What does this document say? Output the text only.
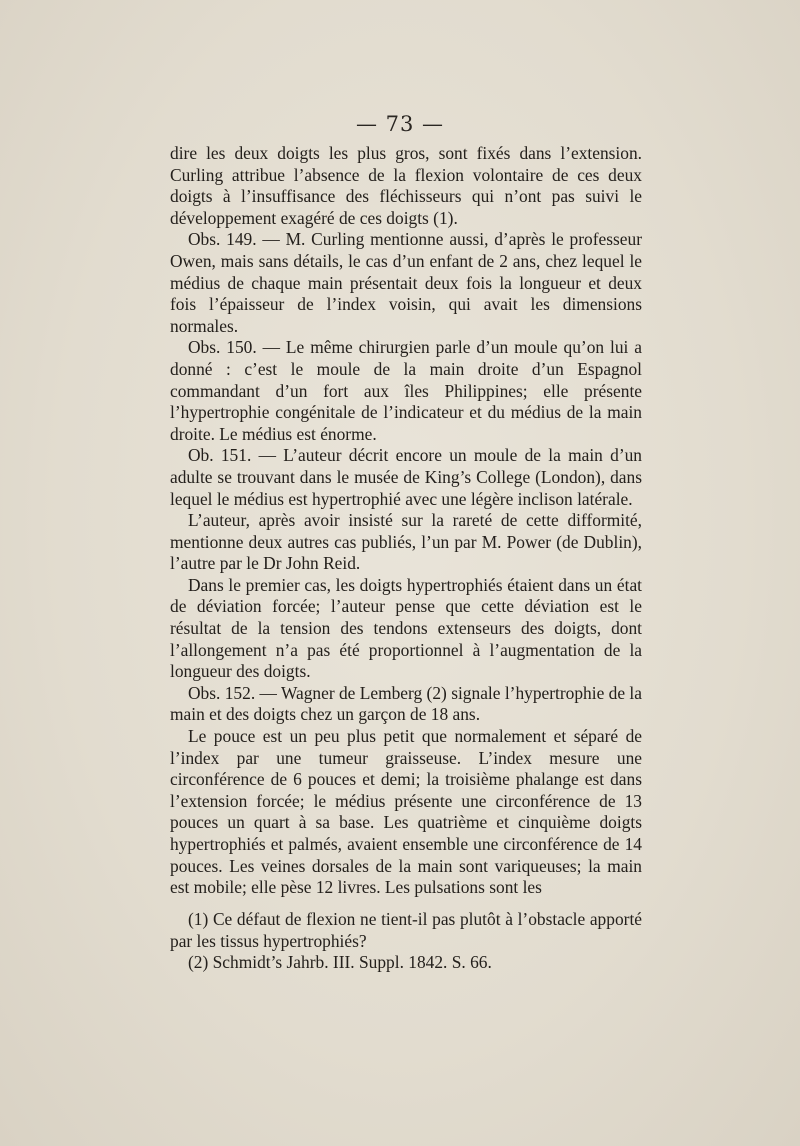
— 73 —

dire les deux doigts les plus gros, sont fixés dans l’extension. Curling attribue l’absence de la flexion volontaire de ces deux doigts à l’insuffisance des fléchisseurs qui n’ont pas suivi le développement exagéré de ces doigts (1).

Obs. 149. — M. Curling mentionne aussi, d’après le professeur Owen, mais sans détails, le cas d’un enfant de 2 ans, chez lequel le médius de chaque main présentait deux fois la longueur et deux fois l’épaisseur de l’index voisin, qui avait les dimensions normales.

Obs. 150. — Le même chirurgien parle d’un moule qu’on lui a donné : c’est le moule de la main droite d’un Espagnol commandant d’un fort aux îles Philippines; elle présente l’hypertrophie congénitale de l’indicateur et du médius de la main droite. Le médius est énorme.

Ob. 151. — L’auteur décrit encore un moule de la main d’un adulte se trouvant dans le musée de King’s College (London), dans lequel le médius est hypertrophié avec une légère inclison latérale.

L’auteur, après avoir insisté sur la rareté de cette difformité, mentionne deux autres cas publiés, l’un par M. Power (de Dublin), l’autre par le Dr John Reid.

Dans le premier cas, les doigts hypertrophiés étaient dans un état de déviation forcée; l’auteur pense que cette déviation est le résultat de la tension des tendons extenseurs des doigts, dont l’allongement n’a pas été proportionnel à l’augmentation de la longueur des doigts.

Obs. 152. — Wagner de Lemberg (2) signale l’hypertrophie de la main et des doigts chez un garçon de 18 ans.

Le pouce est un peu plus petit que normalement et séparé de l’index par une tumeur graisseuse. L’index mesure une circonférence de 6 pouces et demi; la troisième phalange est dans l’extension forcée; le médius présente une circonférence de 13 pouces un quart à sa base. Les quatrième et cinquième doigts hypertrophiés et palmés, avaient ensemble une circonférence de 14 pouces. Les veines dorsales de la main sont variqueuses; la main est mobile; elle pèse 12 livres. Les pulsations sont les

(1) Ce défaut de flexion ne tient-il pas plutôt à l’obstacle apporté par les tissus hypertrophiés?

(2) Schmidt’s Jahrb. III. Suppl. 1842. S. 66.
